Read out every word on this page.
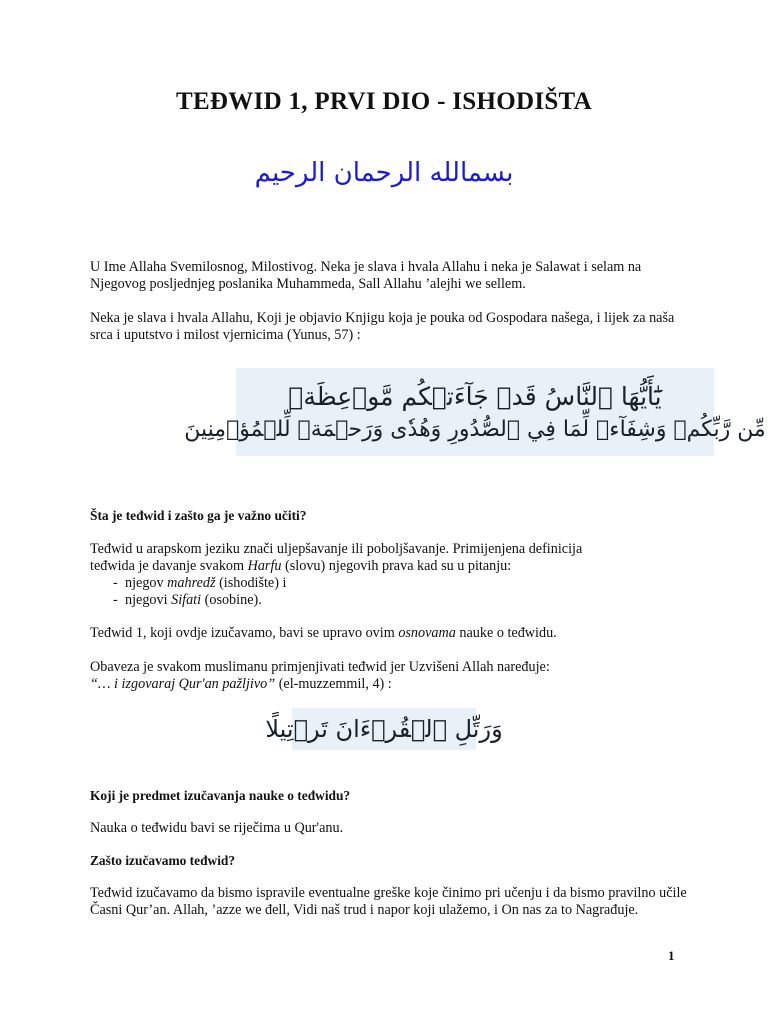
TEĐWID 1, PRVI DIO - ISHODIŠTA
بسمالله الرحمان الرحيم
U Ime Allaha Svemilosnog, Milostivog. Neka je slava i hvala Allahu i neka je Salawat i selam na Njegovog posljednjeg poslanika Muhammeda, Sall Allahu ’alejhi we sellem.
Neka je slava i hvala Allahu, Koji je objavio Knjigu koja je pouka od Gospodara našega, i lijek za naša srca i uputstvo i milost vjernicima (Yunus, 57) :
يَٰٓأَيُّهَا ٱلنَّاسُ قَدۡ جَآءَتۡكُم مَّوۡعِظَةٞ
مِّن رَّبِّكُمۡ وَشِفَآءٞ لِّمَا فِي ٱلصُّدُورِ وَهُدٗى وَرَحۡمَةٞ لِّلۡمُؤۡمِنِينَ
Šta je teđwid i zašto ga je važno učiti?
Teđwid u arapskom jeziku znači uljepšavanje ili poboljšavanje. Primijenjena definicija
teđwida je davanje svakom Harfu (slovu) njegovih prava kad su u pitanju:
- njegov mahredž (ishodište) i
- njegovi Sifati (osobine).
Teđwid 1, koji ovdje izučavamo, bavi se upravo ovim osnovama nauke o teđwidu.
Obaveza je svakom muslimanu primjenjivati teđwid jer Uzvišeni Allah naređuje:
“… i izgovaraj Qur'an pažljivo” (el-muzzemmil, 4) :
وَرَتِّلِ ٱلۡقُرۡءَانَ تَرۡتِيلًا
Koji je predmet izučavanja nauke o teđwidu?
Nauka o teđwidu bavi se riječima u Qur'anu.
Zašto izučavamo teđwid?
Teđwid izučavamo da bismo ispravile eventualne greške koje činimo pri učenju i da bismo pravilno učile Časni Qur’an. Allah, ’azze we đell, Vidi naš trud i napor koji ulažemo, i On nas za to Nagrađuje.
1
